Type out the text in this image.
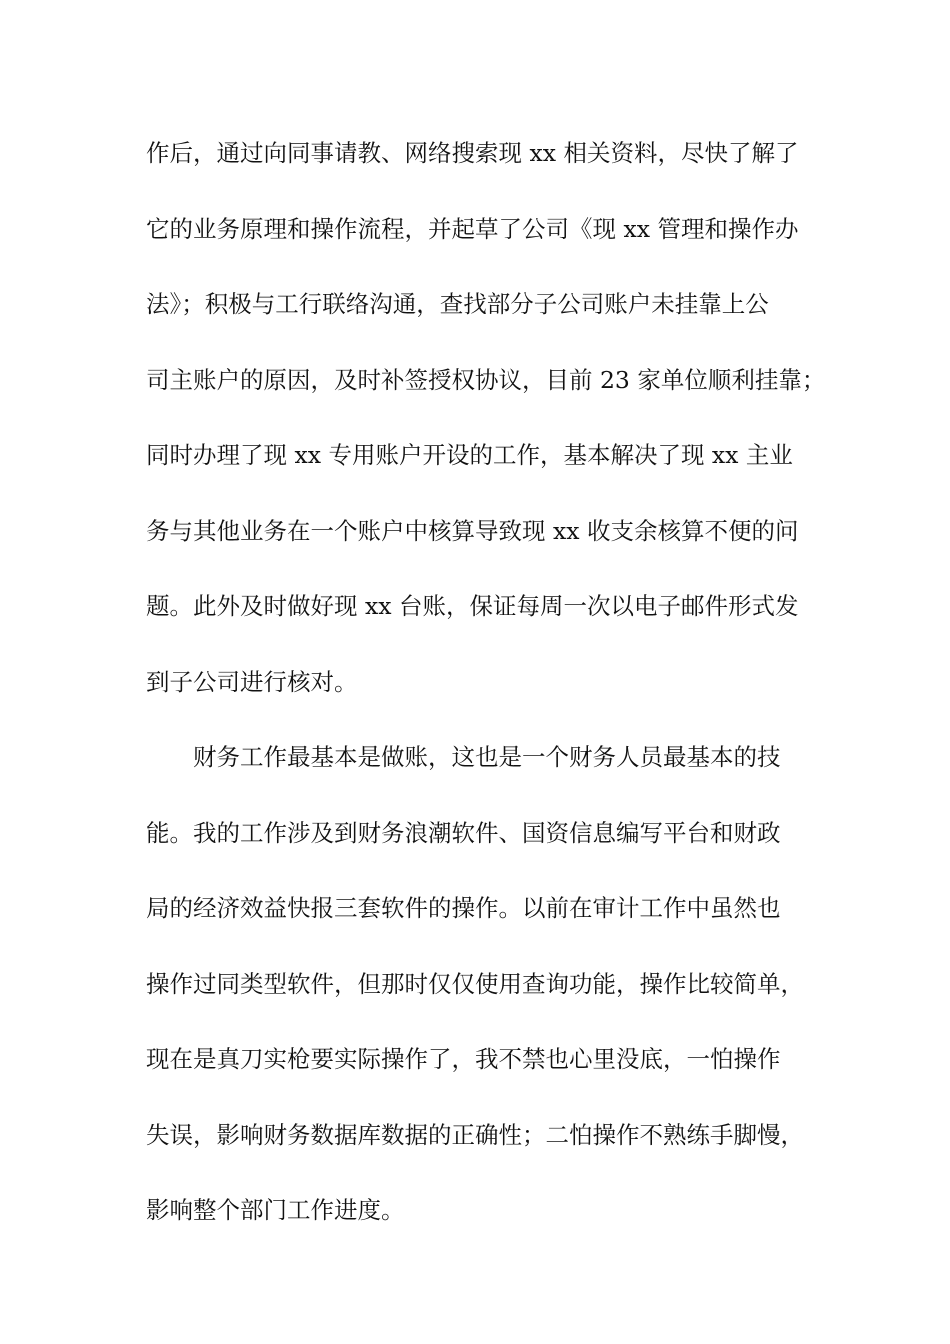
作后，通过向同事请教、网络搜索现 xx 相关资料，尽快了解了
它的业务原理和操作流程，并起草了公司《现 xx 管理和操作办
法》；积极与工行联络沟通，查找部分子公司账户未挂靠上公
司主账户的原因，及时补签授权协议，目前 23 家单位顺利挂靠；
同时办理了现 xx 专用账户开设的工作，基本解决了现 xx 主业
务与其他业务在一个账户中核算导致现 xx 收支余核算不便的问
题。此外及时做好现 xx 台账，保证每周一次以电子邮件形式发
到子公司进行核对。
财务工作最基本是做账，这也是一个财务人员最基本的技
能。我的工作涉及到财务浪潮软件、国资信息编写平台和财政
局的经济效益快报三套软件的操作。以前在审计工作中虽然也
操作过同类型软件，但那时仅仅使用查询功能，操作比较简单，
现在是真刀实枪要实际操作了，我不禁也心里没底，一怕操作
失误，影响财务数据库数据的正确性；二怕操作不熟练手脚慢，
影响整个部门工作进度。
